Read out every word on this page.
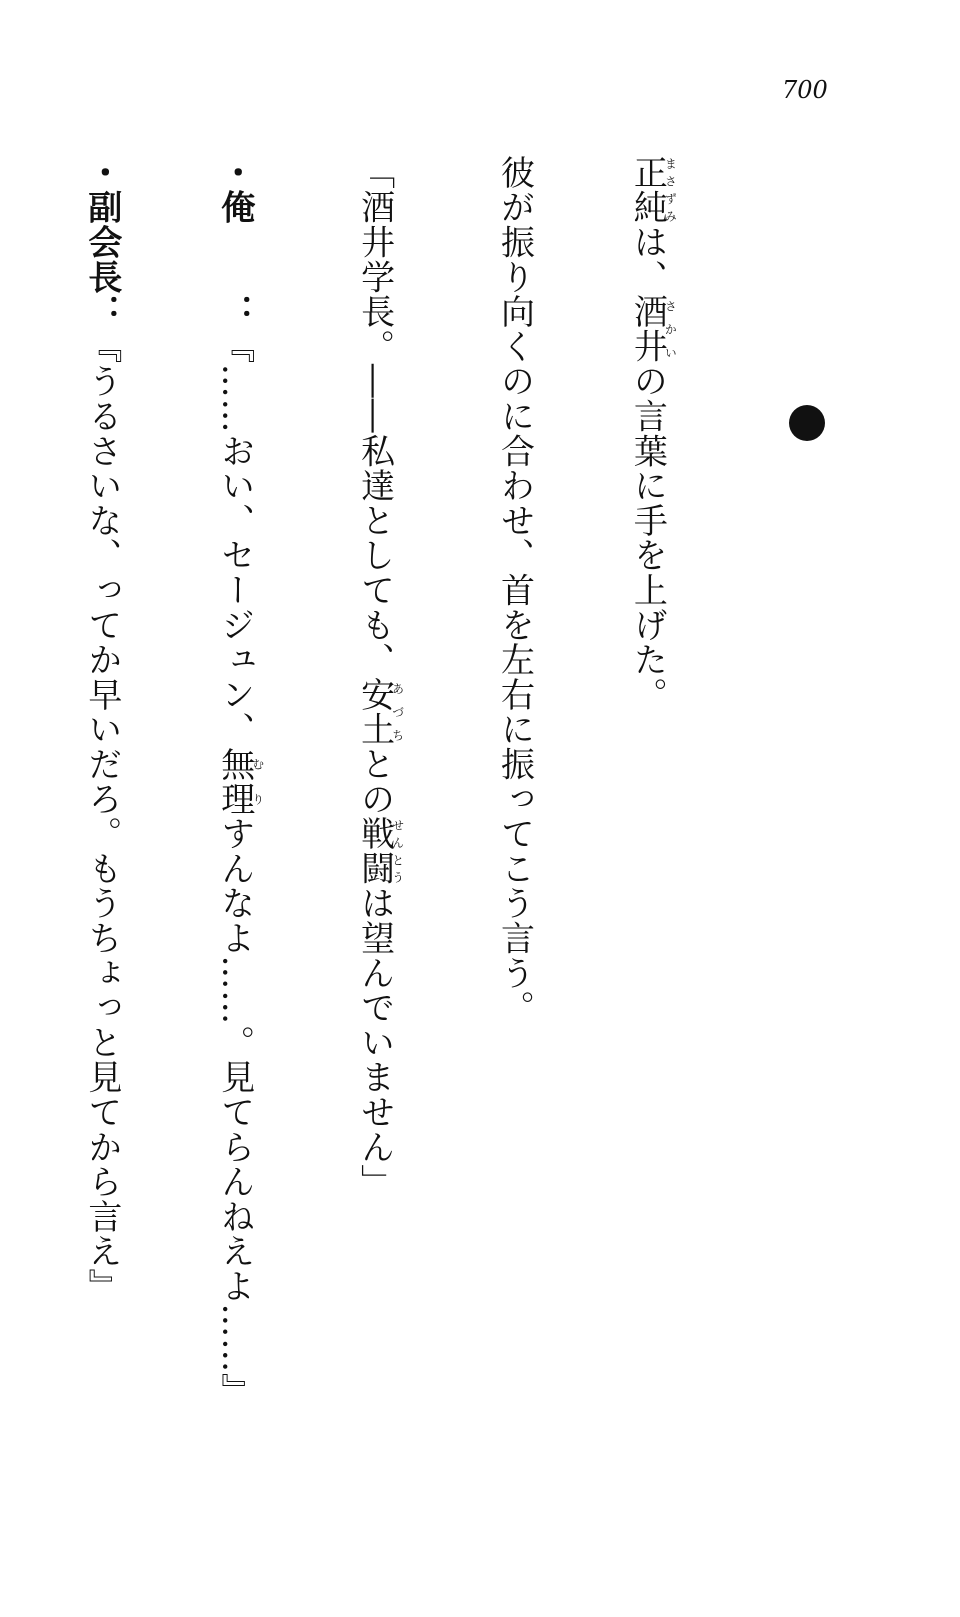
700

正純まさずみは、酒井さかいの言葉に手を上げた。

彼が振り向くのに合わせ、首を左右に振ってこう言う。

「酒井学長。――私達としても、安土あづちとの戦闘せんとうは望んでいません」

・俺　　：『……おい、セージュン、無理むりすんなよ……。見てらんねえよ……』

・副会長：『うるさいな、ってか早いだろ。もうちょっと見てから言え』
